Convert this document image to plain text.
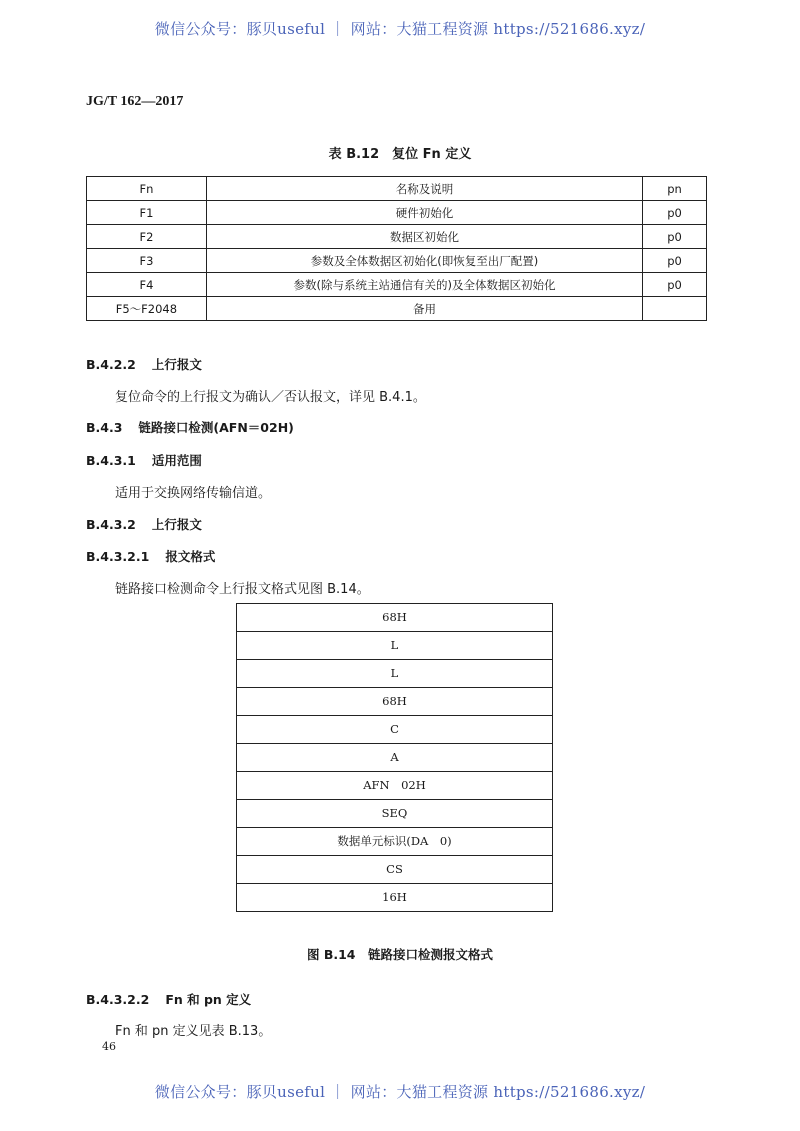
微信公众号：豚贝useful ｜ 网站：大猫工程资源 https://521686.xyz/
JG/T 162—2017
表 B.12　复位 Fn 定义
Fn	名称及说明	pn
F1	硬件初始化	p0
F2	数据区初始化	p0
F3	参数及全体数据区初始化(即恢复至出厂配置)	p0
F4	参数(除与系统主站通信有关的)及全体数据区初始化	p0
F5～F2048	备用	
B.4.2.2 上行报文
复位命令的上行报文为确认／否认报文，详见 B.4.1。
B.4.3 链路接口检测(AFN＝02H)
B.4.3.1 适用范围
适用于交换网络传输信道。
B.4.3.2 上行报文
B.4.3.2.1 报文格式
链路接口检测命令上行报文格式见图 B.14。
68H
L
L
68H
C
A
AFN　02H
SEQ
数据单元标识(DA　0)
CS
16H
图 B.14　链路接口检测报文格式
B.4.3.2.2 Fn 和 pn 定义
Fn 和 pn 定义见表 B.13。
46
微信公众号：豚贝useful ｜ 网站：大猫工程资源 https://521686.xyz/
